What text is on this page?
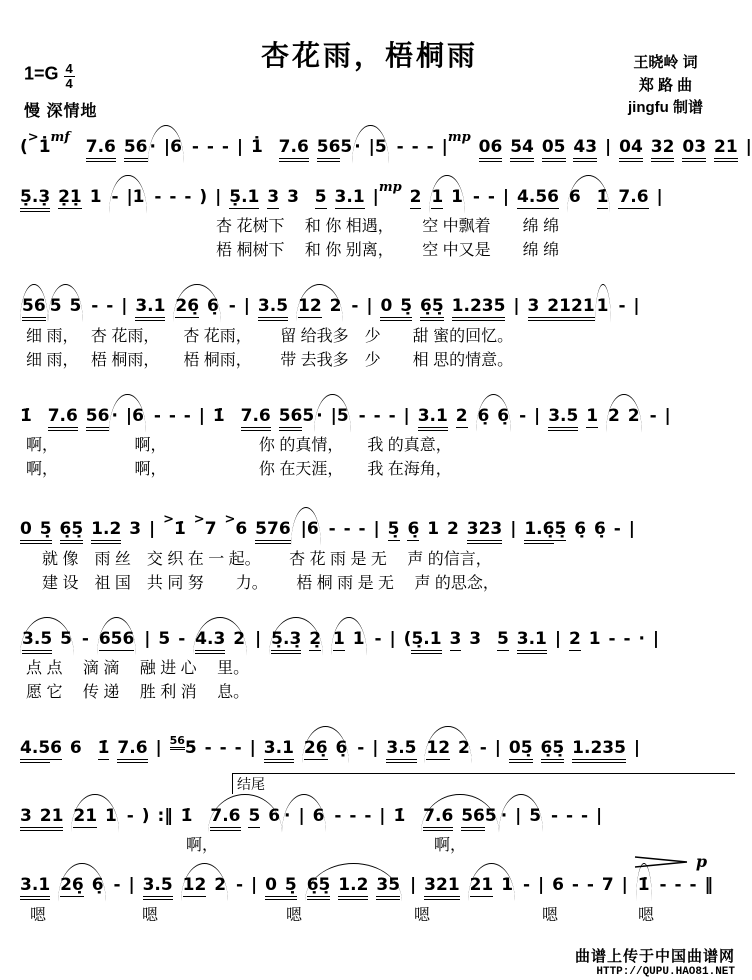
杏花雨，梧桐雨
$1=G \frac{4}{4}$
慢 深情地
王晓岭 词
郑 路 曲
jingfu 制谱
($^>1^{mf}$ 7.6 56 · |6 - - - | 1 7.6 565 · |5 - - - $|^{mp}$ 06 54 05 43 | 04 32 03 21 |
5.3 21 1 - |1 - - - ) | 5.1 3 3 5 3.1 $|^{mp}$ 2 1 1 - - | 4.56 6 1 7.6 |
杏 花树下　 和 你 相遇，　　 空 中飘着　　绵 绵
梧 桐树下　 和 你 别离，　　 空 中又是　　绵 绵
56 5 5 - - | 3.1 26 6 - | 3.5 12 2 - | 0 5 65 1.235 | 3 2121 1 - |
细 雨，　 杏 花雨，　　杏 花雨，　　 留 给我多　少　　甜 蜜的回忆。
细 雨，　 梧 桐雨，　　梧 桐雨，　　 带 去我多　少　　相 思的情意。
1 7.6 56 · |6 - - - | 1 7.6 565 · |5 - - - | 3.1 2 6 6 - | 3.5 1 2 2 - |
啊，　　　　　 啊，　　　　　　 你 的真情，　　我 的真意，
啊，　　　　　 啊，　　　　　　 你 在天涯，　　我 在海角，
0 5 65 1.2 3 | >1 >7 >6 576 |6 - - - | 5 6 1 2 323 | 1.65 6 6 - |
就 像　雨 丝　交 织 在 一 起。　　 杏 花 雨 是 无　 声 的信言，
建 设　祖 国　共 同 努　　力。　　 梧 桐 雨 是 无　 声 的思念，
3.5 5 - 656 | 5 - 4.3 2 | 5.3 2 1 1 - | (5.1 3 3 5 3.1 | 2 1 - - · |
点 点　 滴 滴　 融 进 心　 里。
愿 它　 传 递　 胜 利 消　 息。
4.56 6 1 7.6 | $^{56}$5 - - - | 3.1 26 6 - | 3.5 12 2 - | 05 65 1.235 |
结尾
3 21 21 1 - ) :‖ 1 7.6 5 6 · | 6 - - - | 1 7.6 565 · | 5 - - - |
啊，　　　　　　　　　　　　　　啊，
p
3.1 26 6 - | 3.5 12 2 - | 0 5 65 1.2 35 | 321 21 1 - | 6 - - 7 | 1 - - - ‖
嗯　　　　　　嗯　　　　　　　　嗯　　　　　　　嗯　　　　　　　嗯　　　　　嗯
曲谱上传于中国曲谱网
HTTP://QUPU.HAO81.NET
